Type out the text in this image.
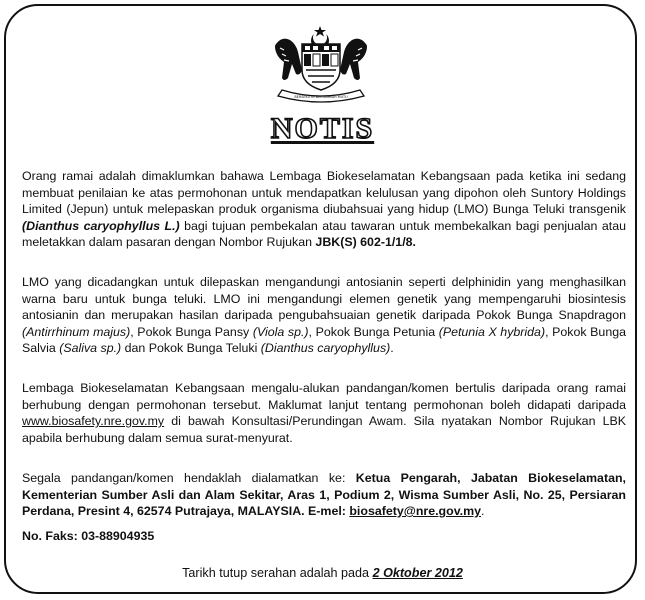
BERSEKUTU BERTAMBAH MUTU
NOTIS

Orang ramai adalah dimaklumkan bahawa Lembaga Biokeselamatan Kebangsaan pada ketika ini sedang membuat penilaian ke atas permohonan untuk mendapatkan kelulusan yang dipohon oleh Suntory Holdings Limited (Jepun) untuk melepaskan produk organisma diubahsuai yang hidup (LMO) Bunga Teluki transgenik (Dianthus caryophyllus L.) bagi tujuan pembekalan atau tawaran untuk membekalkan bagi penjualan atau meletakkan dalam pasaran dengan Nombor Rujukan JBK(S) 602-1/1/8.

LMO yang dicadangkan untuk dilepaskan mengandungi antosianin seperti delphinidin yang menghasilkan warna baru untuk bunga teluki. LMO ini mengandungi elemen genetik yang mempengaruhi biosintesis antosianin dan merupakan hasilan daripada pengubahsuaian genetik daripada Pokok Bunga Snapdragon (Antirrhinum majus), Pokok Bunga Pansy (Viola sp.), Pokok Bunga Petunia (Petunia X hybrida), Pokok Bunga Salvia (Saliva sp.) dan Pokok Bunga Teluki (Dianthus caryophyllus).

Lembaga Biokeselamatan Kebangsaan mengalu-alukan pandangan/komen bertulis daripada orang ramai berhubung dengan permohonan tersebut. Maklumat lanjut tentang permohonan boleh didapati daripada www.biosafety.nre.gov.my di bawah Konsultasi/Perundingan Awam. Sila nyatakan Nombor Rujukan LBK apabila berhubung dalam semua surat-menyurat.

Segala pandangan/komen hendaklah dialamatkan ke: Ketua Pengarah, Jabatan Biokeselamatan, Kementerian Sumber Asli dan Alam Sekitar, Aras 1, Podium 2, Wisma Sumber Asli, No. 25, Persiaran Perdana, Presint 4, 62574 Putrajaya, MALAYSIA. E-mel: biosafety@nre.gov.my.

No. Faks: 03-88904935

Tarikh tutup serahan adalah pada 2 Oktober 2012
